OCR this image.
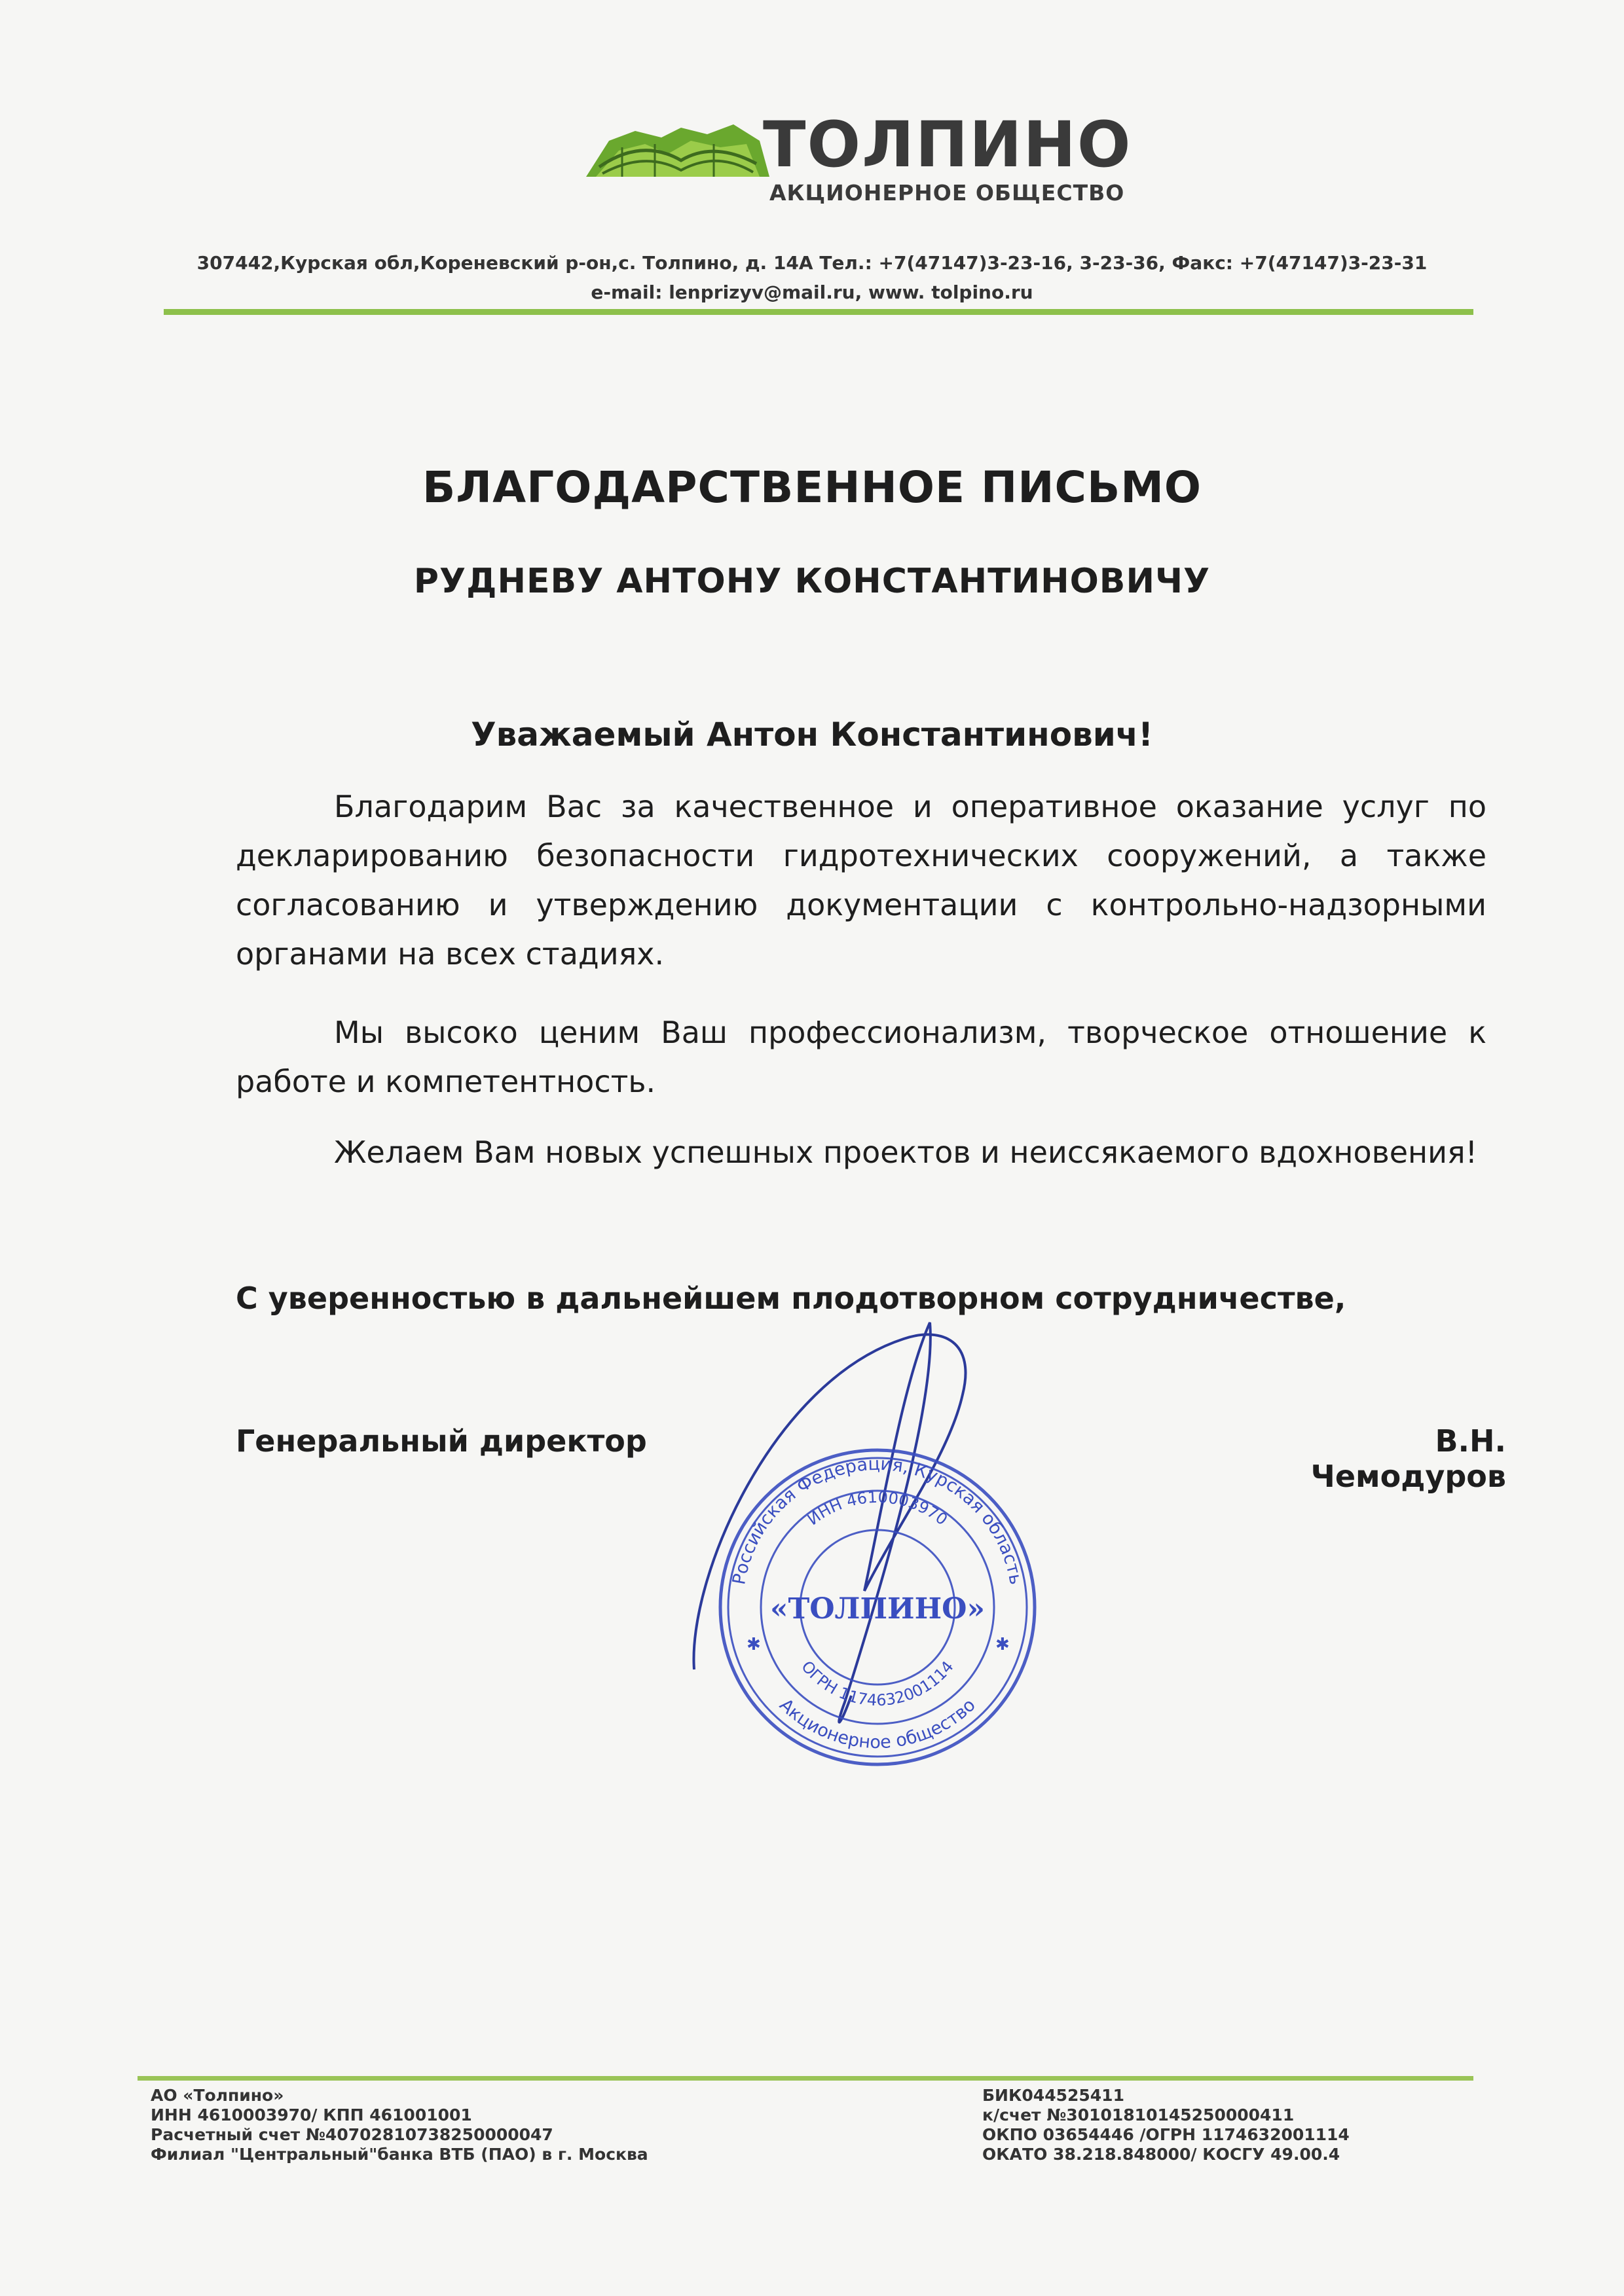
ТОЛПИНО
АКЦИОНЕРНОЕ ОБЩЕСТВО
307442,Курская обл,Кореневский р-он,с. Толпино, д. 14А Тел.: +7(47147)3-23-16, 3-23-36, Факс: +7(47147)3-23-31
e-mail: lenprizyv@mail.ru, www. tolpino.ru
БЛАГОДАРСТВЕННОЕ ПИСЬМО
РУДНЕВУ АНТОНУ КОНСТАНТИНОВИЧУ
Уважаемый Антон Константинович!
Благодарим Вас за качественное и оперативное оказание услуг по декларированию безопасности гидротехнических сооружений, а также согласованию и утверждению документации с контрольно-надзорными органами на всех стадиях.
Мы высоко ценим Ваш профессионализм, творческое отношение к работе и компетентность.
Желаем Вам новых успешных проектов и неиссякаемого вдохновения!
С уверенностью в дальнейшем плодотворном сотрудничестве,
Генеральный директор	В.Н. Чемодуров
Российская Федерация, Курская область
Акционерное общество
ИНН 4610003970
ОГРН 1174632001114
«ТОЛПИНО»
✱	✱
АО «Толпино»
ИНН 4610003970/ КПП 461001001
Расчетный счет №40702810738250000047
Филиал "Центральный"банка ВТБ (ПАО) в г. Москва
БИК044525411
к/счет №30101810145250000411
ОКПО 03654446 /ОГРН 1174632001114
ОКАТО 38.218.848000/ КОСГУ 49.00.4
